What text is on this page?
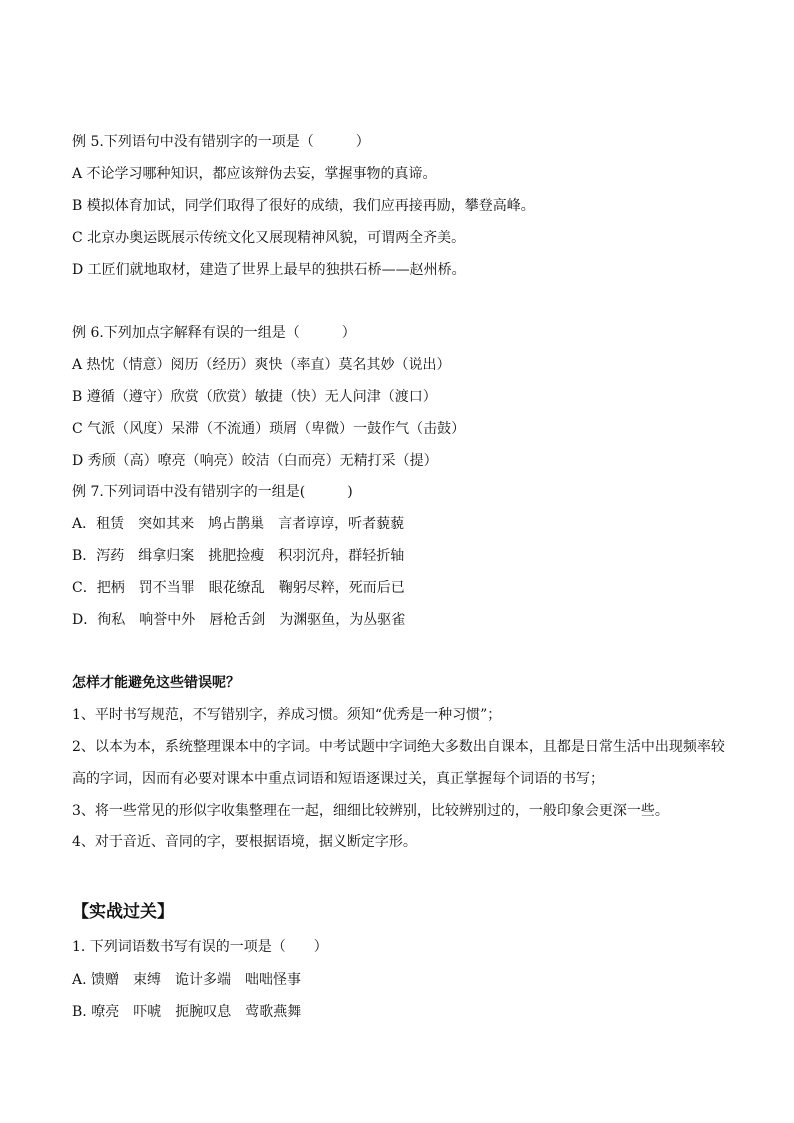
例 5.下列语句中没有错别字的一项是（　　　）
A 不论学习哪种知识，都应该辩伪去妄，掌握事物的真谛。
B 模拟体育加试，同学们取得了很好的成绩，我们应再接再励，攀登高峰。
C 北京办奥运既展示传统文化又展现精神风貌，可谓两全齐美。
D 工匠们就地取材，建造了世界上最早的独拱石桥——赵州桥。
例 6.下列加点字解释有误的一组是（　　　）
A 热忱（情意）阅历（经历）爽快（率直）莫名其妙（说出）
B 遵循（遵守）欣赏（欣赏）敏捷（快）无人问津（渡口）
C 气派（风度）呆滞（不流通）琐屑（卑微）一鼓作气（击鼓）
D 秀颀（高）嘹亮（响亮）皎洁（白而亮）无精打采（提）
例 7.下列词语中没有错别字的一组是(　　　)
A．租赁　突如其来　鸠占鹊巢　言者谆谆，听者藐藐
B．泻药　缉拿归案　挑肥捡瘦　积羽沉舟，群轻折轴
C．把柄　罚不当罪　眼花缭乱　鞠躬尽粹，死而后已
D．徇私　响誉中外　唇枪舌剑　为渊驱鱼，为丛驱雀
怎样才能避免这些错误呢？
1、平时书写规范，不写错别字，养成习惯。须知“优秀是一种习惯”；
2、以本为本，系统整理课本中的字词。中考试题中字词绝大多数出自课本，且都是日常生活中出现频率较
高的字词，因而有必要对课本中重点词语和短语逐课过关，真正掌握每个词语的书写；
3、将一些常见的形似字收集整理在一起，细细比较辨别，比较辨别过的，一般印象会更深一些。
4、对于音近、音同的字，要根据语境，据义断定字形。
【实战过关】
1. 下列词语数书写有误的一项是（　　）
A. 馈赠　束缚　诡计多端　咄咄怪事
B. 嘹亮　吓唬　扼腕叹息　莺歌燕舞
